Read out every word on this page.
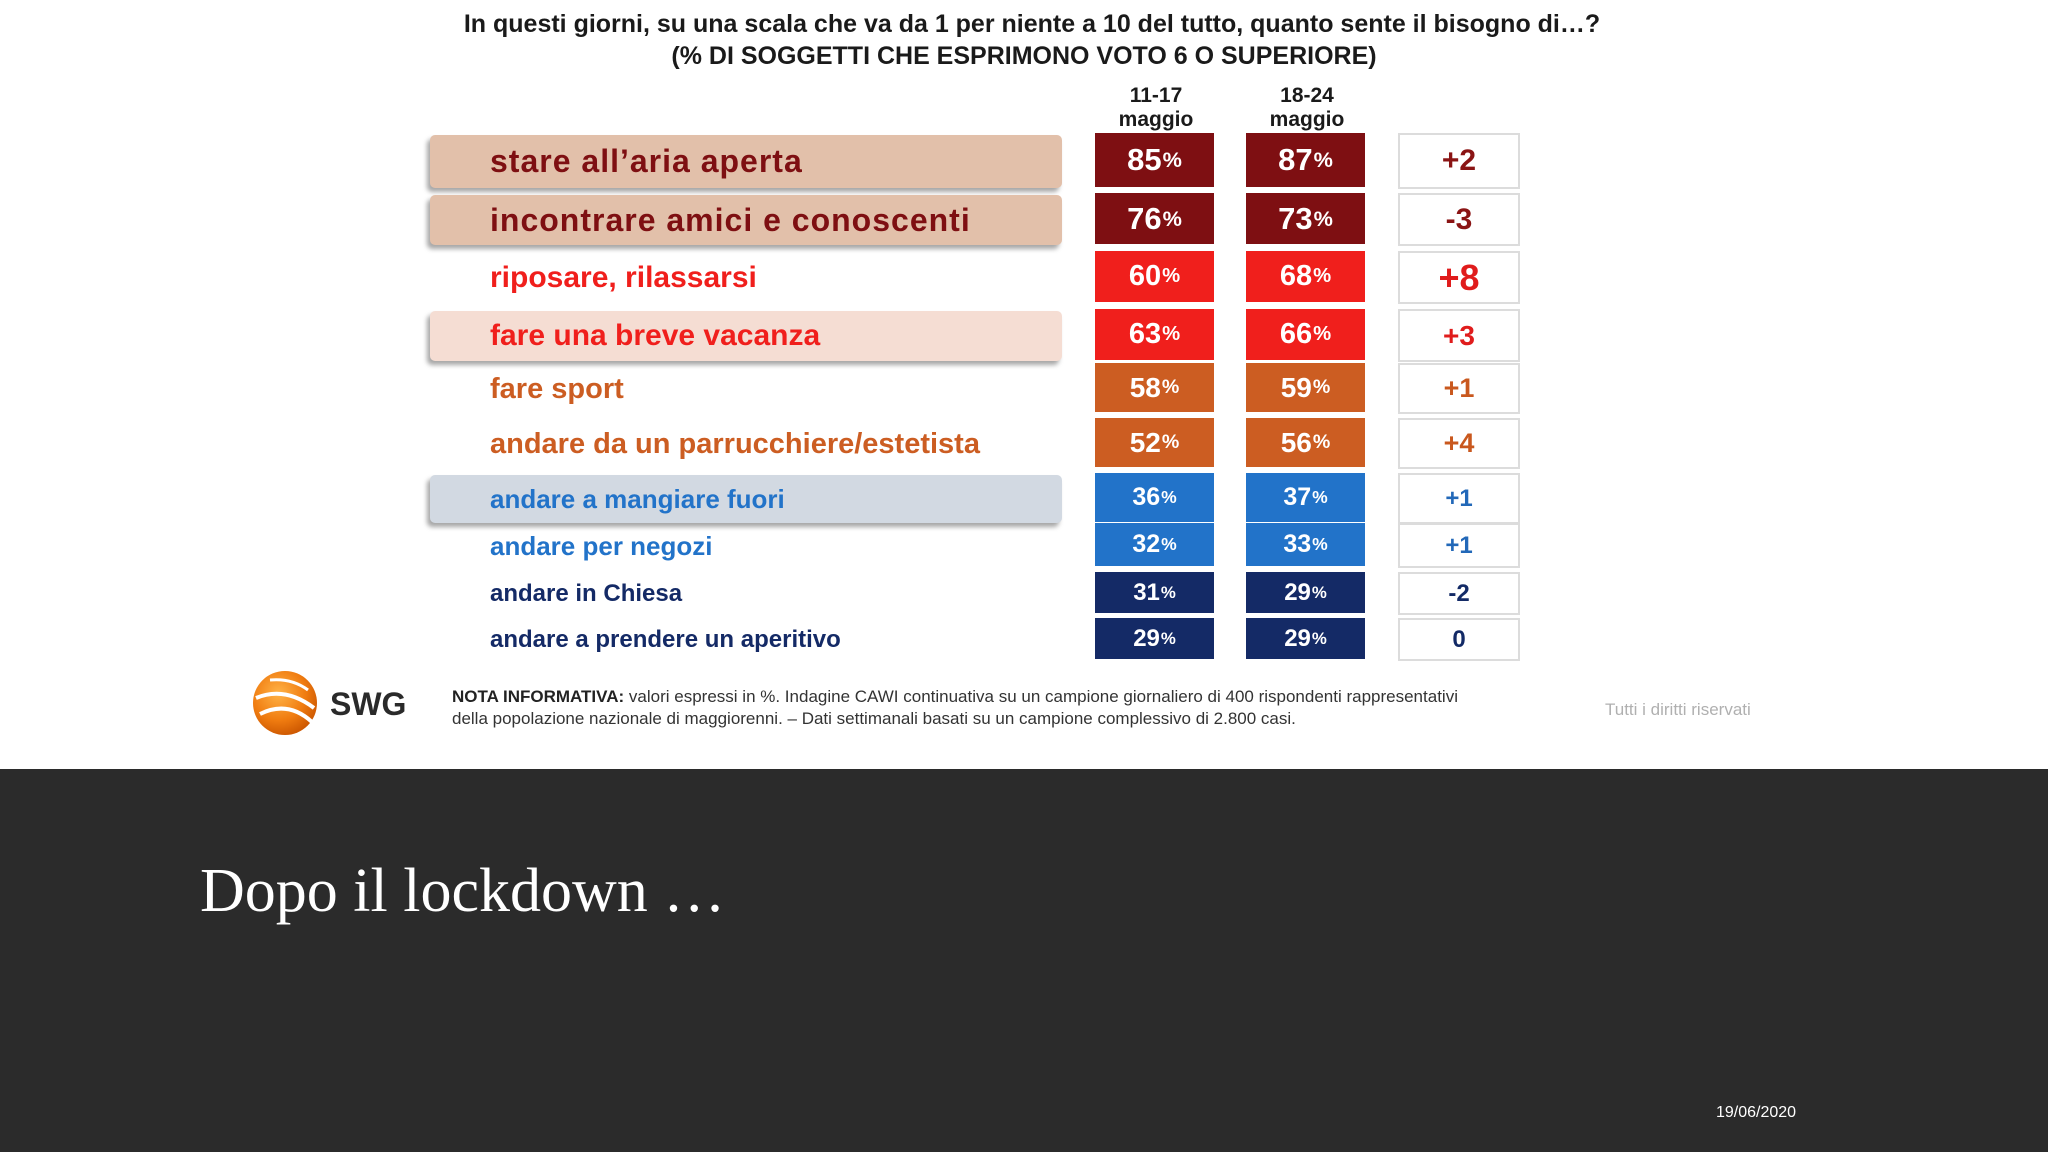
In questi giorni, su una scala che va da 1 per niente a 10 del tutto, quanto sente il bisogno di…?
(% DI SOGGETTI CHE ESPRIMONO VOTO 6 O SUPERIORE)
11-17
maggio
18-24
maggio
stare all’aria aperta	85 %	87 %	+2
incontrare amici e conoscenti	76 %	73 %	-3
riposare, rilassarsi	60 %	68 %	+8
fare una breve vacanza	63 %	66 %	+3
fare sport	58 %	59 %	+1
andare da un parrucchiere/estetista	52 %	56 %	+4
andare a mangiare fuori	36 %	37 %	+1
andare per negozi	32 %	33 %	+1
andare in Chiesa	31 %	29 %	-2
andare a prendere un aperitivo	29 %	29 %	0
SWG	NOTA INFORMATIVA: valori espressi in %. Indagine CAWI continuativa su un campione giornaliero di 400 rispondenti rappresentativi
della popolazione nazionale di maggiorenni. – Dati settimanali basati su un campione complessivo di 2.800 casi.	Tutti i diritti riservati
Dopo il lockdown …
19/06/2020
